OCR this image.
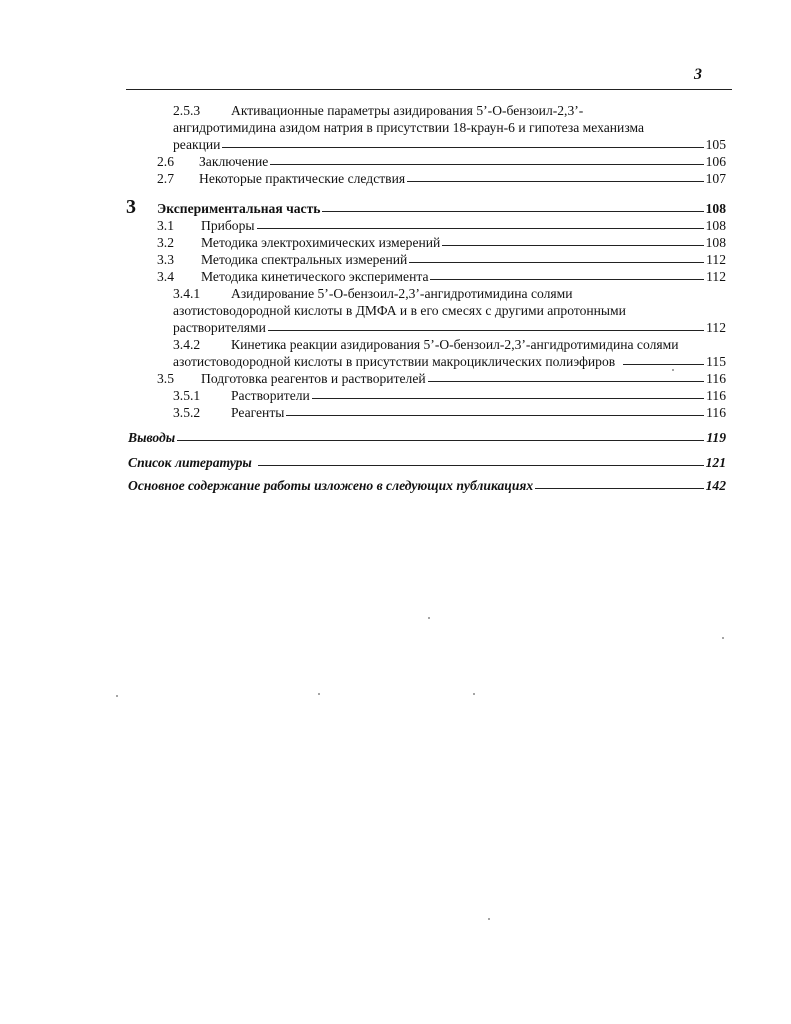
3
2.5.3 Активационные параметры азидирования 5’-О-бензоил-2,3’-
ангидротимидина азидом натрия в присутствии 18-краун-6 и гипотеза механизма
реакции	105
2.6	Заключение	106
2.7	Некоторые практические следствия	107
3 Экспериментальная часть	108
3.1	Приборы	108
3.2	Методика электрохимических измерений	108
3.3	Методика спектральных измерений	112
3.4	Методика кинетического эксперимента	112
3.4.1 Азидирование 5’-О-бензоил-2,3’-ангидротимидина солями
азотистоводородной кислоты в ДМФА и в его смесях с другими апротонными
растворителями	112
3.4.2 Кинетика реакции азидирования 5’-О-бензоил-2,3’-ангидротимидина солями
азотистоводородной кислоты в присутствии макроциклических полиэфиров	115
3.5	Подготовка реагентов и растворителей	116
3.5.1	Растворители	116
3.5.2	Реагенты	116
Выводы	119
Список литературы	121
Основное содержание работы изложено в следующих публикациях	142
